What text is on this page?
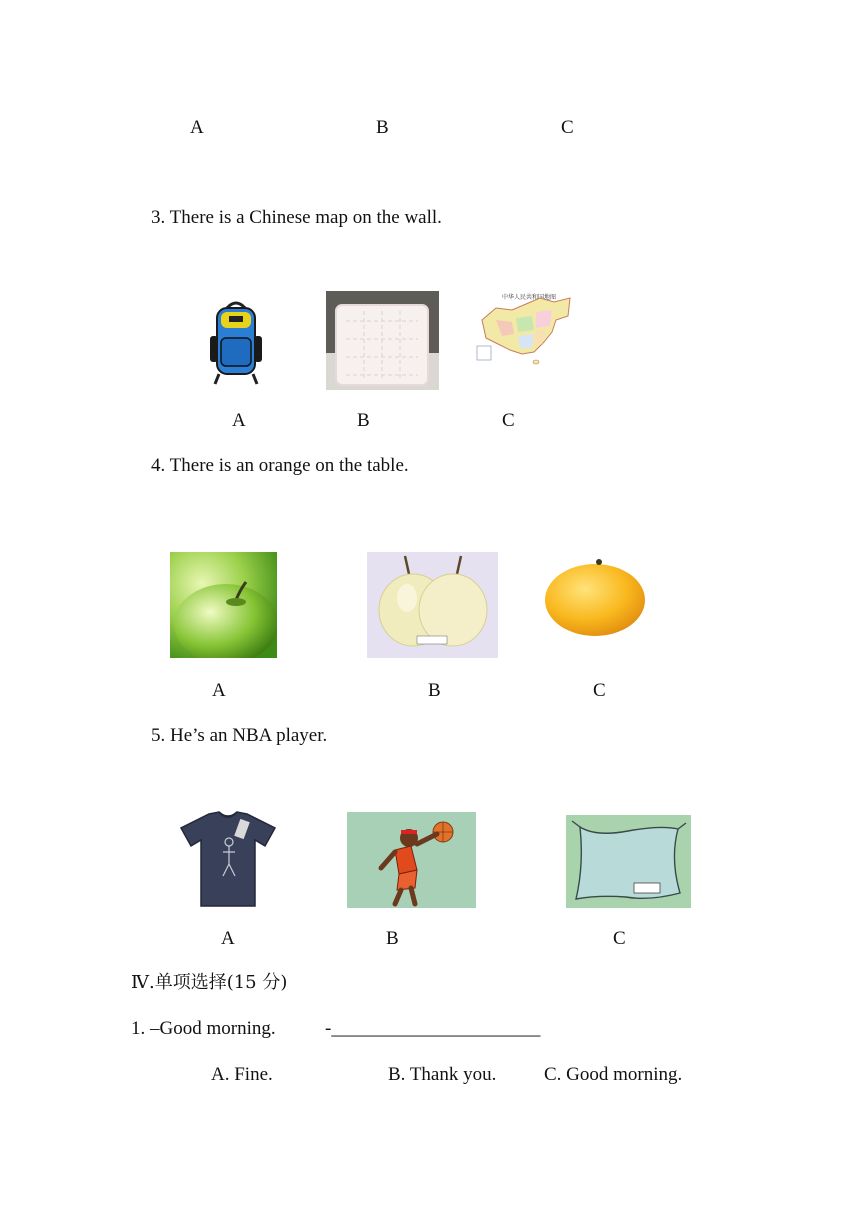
A	B	C
3. There is a Chinese map on the wall.
中华人民共和国地图
A	B	C
4. There is an orange on the table.
A	B	C
5. He’s an NBA player.
A	B	C
Ⅳ.单项选择(15 分)
1. –Good morning.	-______________________
A. Fine.	B. Thank you.	C. Good morning.
